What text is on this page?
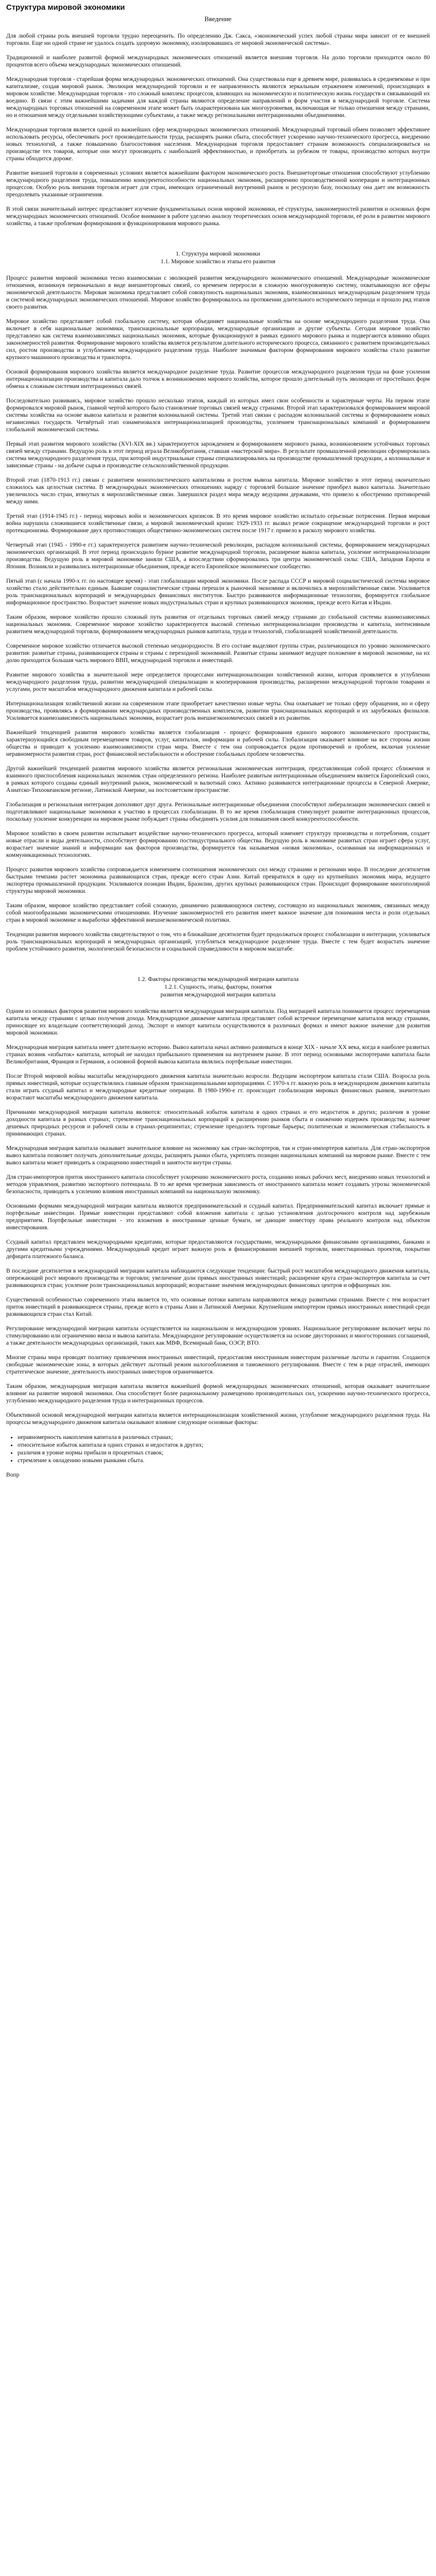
Структура мировой экономики
Введение

Для любой страны роль внешней торговли трудно переоценить. По определению Дж. Сакса, «экономический успех любой страны мира зависит от ее внешней торговли. Еще ни одной стране не удалось создать здоровую экономику, изолировавшись от мировой экономической системы».

Традиционной и наиболее развитой формой международных экономических отношений является внешняя торговля. На долю торговли приходится около 80 процентов всего объема международных экономических отношений.

Международная торговля - старейшая форма международных экономических отношений. Она существовала еще в древнем мире, развивалась в средневековье и при капитализме, создав мировой рынок. Эволюция международной торговли и ее направленность являются зеркальным отражением изменений, происходящих в мировом хозяйстве. Международная торговля - это сложный комплекс процессов, влияющих на экономическую и политическую жизнь государств и связывающий их воедино. В связи с этим важнейшими задачами для каждой страны являются определение направлений и форм участия в международной торговле. Система международных торговых отношений на современном этапе может быть охарактеризована как многоуровневая, включающая не только отношения между странами, но и отношения между отдельными хозяйствующими субъектами, а также между региональными интеграционными объединениями.

Международная торговля является одной из важнейших сфер международных экономических отношений. Международный торговый обмен позволяет эффективнее использовать ресурсы, обеспечивать рост производительности труда, расширять рынки сбыта, способствует ускорению научно-технического прогресса, внедрению новых технологий, а также повышению благосостояния населения. Международная торговля предоставляет странам возможность специализироваться на производстве тех товаров, которые они могут производить с наибольшей эффективностью, и приобретать за рубежом те товары, производство которых внутри страны обходится дороже.

Развитие внешней торговли в современных условиях является важнейшим фактором экономического роста. Внешнеторговые отношения способствуют углублению международного разделения труда, повышению конкурентоспособности национальных экономик, расширению производственной кооперации и интеграционных процессов. Особую роль внешняя торговля играет для стран, имеющих ограниченный внутренний рынок и ресурсную базу, поскольку она дает им возможность преодолевать указанные ограничения.

В этой связи значительный интерес представляет изучение фундаментальных основ мировой экономики, её структуры, закономерностей развития и основных форм международных экономических отношений. Особое внимание в работе уделено анализу теоретических основ международной торговли, её роли в развитии мирового хозяйства, а также проблемам формирования и функционирования мирового рынка.

1. Структура мировой экономики

1.1. Мировое хозяйство и этапы его развития

Процесс развития мировой экономики тесно взаимосвязан с эволюцией развития международного экономического отношений. Международные экономические отношения, возникнув первоначально в виде внешнеторговых связей, со временем переросли в сложную многоуровневую систему, охватывающую все сферы экономической деятельности. Мировая экономика представляет собой совокупность национальных экономик, взаимосвязанных международным разделением труда и системой международных экономических отношений. Мировое хозяйство формировалось на протяжении длительного исторического периода и прошло ряд этапов своего развития.

Мировое хозяйство представляет собой глобальную систему, которая объединяет национальные хозяйства на основе международного разделения труда. Она включает в себя национальные экономики, транснациональные корпорации, международные организации и другие субъекты. Сегодня мировое хозяйство представлено как система взаимозависимых национальных экономик, которые функционируют в рамках единого мирового рынка и подвергаются влиянию общих закономерностей развития. Формирование мирового хозяйства является результатом длительного исторического процесса, связанного с развитием производительных сил, ростом производства и углублением международного разделения труда. Наиболее значимым фактором формирования мирового хозяйства стало развитие крупного машинного производства и транспорта.

Основой формирования мирового хозяйства является международное разделение труда. Развитие процессов международного разделения труда на фоне усиления интернационализации производства и капитала дало толчок к возникновению мирового хозяйства, которое прошло длительный путь эволюции от простейших форм обмена к сложным системам интеграционных связей.

Последовательно развиваясь, мировое хозяйство прошло несколько этапов, каждый из которых имел свои особенности и характерные черты. На первом этапе формировался мировой рынок, главной чертой которого было становление торговых связей между странами. Второй этап характеризовался формированием мировой системы хозяйства на основе вывоза капитала и развития колониальной системы. Третий этап связан с распадом колониальной системы и формированием новых независимых государств. Четвёртый этап ознаменовался интернационализацией производства, усилением транснациональных компаний и формированием глобальной экономической системы.

Первый этап развития мирового хозяйства (XVI-XIX вв.) характеризуется зарождением и формированием мирового рынка, возникновением устойчивых торговых связей между странами. Ведущую роль в этот период играла Великобритания, ставшая «мастерской мира». В результате промышленной революции сформировалась система международного разделения труда, при которой индустриальные страны специализировались на производстве промышленной продукции, а колониальные и зависимые страны - на добыче сырья и производстве сельскохозяйственной продукции.

Второй этап (1870-1913 гг.) связан с развитием монополистического капитализма и ростом вывоза капитала. Мировое хозяйство в этот период окончательно сложилось как целостная система. В международных экономических отношениях наряду с торговлей большое значение приобрел вывоз капитала. Значительно увеличилось число стран, втянутых в мирохозяйственные связи. Завершился раздел мира между ведущими державами, что привело к обострению противоречий между ними.

Третий этап (1914-1945 гг.) - период мировых войн и экономических кризисов. В это время мировое хозяйство испытало серьезные потрясения. Первая мировая война нарушила сложившиеся хозяйственные связи, а мировой экономический кризис 1929-1933 гг. вызвал резкое сокращение международной торговли и рост протекционизма. Формирование двух противостоящих общественно-экономических систем после 1917 г. привело к расколу мирового хозяйства.

Четвертый этап (1945 - 1990-е гг.) характеризуется развитием научно-технической революции, распадом колониальной системы, формированием международных экономических организаций. В этот период происходило бурное развитие международной торговли, расширение вывоза капитала, усиление интернационализации производства. Ведущую роль в мировой экономике заняли США, а впоследствии сформировались три центра экономической силы: США, Западная Европа и Япония. Возникли и развивались интеграционные объединения, прежде всего Европейское экономическое сообщество.

Пятый этап (с начала 1990-х гг. по настоящее время) - этап глобализации мировой экономики. После распада СССР и мировой социалистической системы мировое хозяйство стало действительно единым. Бывшие социалистические страны перешли к рыночной экономике и включились в мирохозяйственные связи. Усиливается роль транснациональных корпораций и международных финансовых институтов. Быстро развиваются информационные технологии, формируется глобальное информационное пространство. Возрастает значение новых индустриальных стран и крупных развивающихся экономик, прежде всего Китая и Индии.

Таким образом, мировое хозяйство прошло сложный путь развития от отдельных торговых связей между странами до глобальной системы взаимозависимых национальных экономик. Современное мировое хозяйство характеризуется высокой степенью интернационализации производства и капитала, интенсивным развитием международной торговли, формированием международных рынков капитала, труда и технологий, глобализацией хозяйственной деятельности.

Современное мировое хозяйство отличается высокой степенью неоднородности. В его составе выделяют группы стран, различающихся по уровню экономического развития: развитые страны, развивающиеся страны и страны с переходной экономикой. Развитые страны занимают ведущее положение в мировой экономике, на их долю приходится большая часть мирового ВВП, международной торговли и инвестиций.

Развитие мирового хозяйства в значительной мере определяется процессами интернационализации хозяйственной жизни, которая проявляется в углублении международного разделения труда, развитии международной специализации и кооперирования производства, расширении международной торговли товарами и услугами, росте масштабов международного движения капитала и рабочей силы.

Интернационализация хозяйственной жизни на современном этапе приобретает качественно новые черты. Она охватывает не только сферу обращения, но и сферу производства, проявляясь в формировании международных производственных комплексов, развитии транснациональных корпораций и их зарубежных филиалов. Усиливается взаимозависимость национальных экономик, возрастает роль внешнеэкономических связей в их развитии.

Важнейшей тенденцией развития мирового хозяйства является глобализация - процесс формирования единого мирового экономического пространства, характеризующийся свободным перемещением товаров, услуг, капиталов, информации и рабочей силы. Глобализация оказывает влияние на все стороны жизни общества и приводит к усилению взаимозависимости стран мира. Вместе с тем она сопровождается рядом противоречий и проблем, включая усиление неравномерности развития стран, рост финансовой нестабильности и обострение глобальных проблем человечества.

Другой важнейшей тенденцией развития мирового хозяйства является региональная экономическая интеграция, представляющая собой процесс сближения и взаимного приспособления национальных экономик стран определенного региона. Наиболее развитым интеграционным объединением является Европейский союз, в рамках которого созданы единый внутренний рынок, экономический и валютный союз. Активно развиваются интеграционные процессы в Северной Америке, Азиатско-Тихоокеанском регионе, Латинской Америке, на постсоветском пространстве.

Глобализация и региональная интеграция дополняют друг друга. Региональные интеграционные объединения способствуют либерализации экономических связей и подготавливают национальные экономики к участию в процессах глобализации. В то же время глобализация стимулирует развитие интеграционных процессов, поскольку усиление конкуренции на мировом рынке побуждает страны объединять усилия для повышения своей конкурентоспособности.

Мировое хозяйство в своем развитии испытывает воздействие научно-технического прогресса, который изменяет структуру производства и потребления, создает новые отрасли и виды деятельности, способствует формированию постиндустриального общества. Ведущую роль в экономике развитых стран играет сфера услуг, возрастает значение знаний и информации как факторов производства, формируется так называемая «новая экономика», основанная на информационных и коммуникационных технологиях.

Процесс развития мирового хозяйства сопровождается изменением соотношения экономических сил между странами и регионами мира. В последние десятилетия быстрыми темпами растет экономика развивающихся стран, прежде всего стран Азии. Китай превратился в одну из крупнейших экономик мира, ведущего экспортера промышленной продукции. Усиливаются позиции Индии, Бразилии, других крупных развивающихся стран. Происходит формирование многополярной структуры мировой экономики.

Таким образом, мировое хозяйство представляет собой сложную, динамично развивающуюся систему, состоящую из национальных экономик, связанных между собой многообразными экономическими отношениями. Изучение закономерностей его развития имеет важное значение для понимания места и роли отдельных стран в мировой экономике и выработки эффективной внешнеэкономической политики.

Тенденции развития мирового хозяйства свидетельствуют о том, что в ближайшие десятилетия будет продолжаться процесс глобализации и интеграции, усиливаться роль транснациональных корпораций и международных организаций, углубляться международное разделение труда. Вместе с тем будет возрастать значение проблем устойчивого развития, экологической безопасности и социальной справедливости в мировом масштабе.

1.2. Факторы производства международной миграции капитала

1.2.1. Сущность, этапы, факторы, понятия

развития международной миграции капитала

Одним из основных факторов развития мирового хозяйства является международная миграция капитала. Под миграцией капитала понимается процесс перемещения капитала между странами с целью получения дохода. Международное движение капитала представляет собой встречное перемещение капиталов между странами, приносящее их владельцам соответствующий доход. Экспорт и импорт капитала осуществляются в различных формах и имеют важное значение для развития мировой экономики.

Международная миграция капитала имеет длительную историю. Вывоз капитала начал активно развиваться в конце XIX - начале XX века, когда в наиболее развитых странах возник «избыток» капитала, который не находил прибыльного применения на внутреннем рынке. В этот период основными экспортерами капитала были Великобритания, Франция и Германия, а основной формой вывоза капитала являлись портфельные инвестиции.

После Второй мировой войны масштабы международного движения капитала значительно возросли. Ведущим экспортером капитала стали США. Возросла роль прямых инвестиций, которые осуществлялись главным образом транснациональными корпорациями. С 1970-х гг. важную роль в международном движении капитала стали играть ссудный капитал и международные кредитные операции. В 1980-1990-е гг. происходит глобализация мировых финансовых рынков, значительно возрастают масштабы международного движения капитала.

Причинами международной миграции капитала являются: относительный избыток капитала в одних странах и его недостаток в других; различия в уровне доходности капитала в разных странах; стремление транснациональных корпораций к расширению рынков сбыта и снижению издержек производства; наличие дешевых природных ресурсов и рабочей силы в странах-реципиентах; стремление преодолеть торговые барьеры; политическая и экономическая стабильность в принимающих странах.

Международная миграция капитала оказывает значительное влияние на экономику как стран-экспортеров, так и стран-импортеров капитала. Для стран-экспортеров вывоз капитала позволяет получать дополнительные доходы, расширять рынки сбыта, укреплять позиции национальных компаний на мировом рынке. Вместе с тем вывоз капитала может приводить к сокращению инвестиций и занятости внутри страны.

Для стран-импортеров приток иностранного капитала способствует ускорению экономического роста, созданию новых рабочих мест, внедрению новых технологий и методов управления, развитию экспортного потенциала. В то же время чрезмерная зависимость от иностранного капитала может создавать угрозы экономической безопасности, приводить к усилению влияния иностранных компаний на национальную экономику.

Основными формами международной миграции капитала являются предпринимательский и ссудный капитал. Предпринимательский капитал включает прямые и портфельные инвестиции. Прямые инвестиции представляют собой вложения капитала с целью установления долгосрочного контроля над зарубежным предприятием. Портфельные инвестиции - это вложения в иностранные ценные бумаги, не дающие инвестору права реального контроля над объектом инвестирования.

Ссудный капитал представлен международными кредитами, которые предоставляются государствами, международными финансовыми организациями, банками и другими кредитными учреждениями. Международный кредит играет важную роль в финансировании внешней торговли, инвестиционных проектов, покрытии дефицита платежного баланса.

В последние десятилетия в международной миграции капитала наблюдаются следующие тенденции: быстрый рост масштабов международного движения капитала, опережающий рост мирового производства и торговли; увеличение доли прямых иностранных инвестиций; расширение круга стран-экспортеров капитала за счет развивающихся стран; усиление роли транснациональных корпораций; возрастание значения международных финансовых центров и оффшорных зон.

Существенной особенностью современного этапа является то, что основные потоки капитала направляются между развитыми странами. Вместе с тем возрастает приток инвестиций в развивающиеся страны, прежде всего в страны Азии и Латинской Америки. Крупнейшим импортером прямых иностранных инвестиций среди развивающихся стран стал Китай.

Регулирование международной миграции капитала осуществляется на национальном и международном уровнях. Национальное регулирование включает меры по стимулированию или ограничению ввоза и вывоза капитала. Международное регулирование осуществляется на основе двусторонних и многосторонних соглашений, а также деятельности международных организаций, таких как МВФ, Всемирный банк, ОЭСР, ВТО.

Многие страны мира проводят политику привлечения иностранных инвестиций, предоставляя иностранным инвесторам различные льготы и гарантии. Создаются свободные экономические зоны, в которых действует льготный режим налогообложения и таможенного регулирования. Вместе с тем в ряде отраслей, имеющих стратегическое значение, деятельность иностранных инвесторов ограничивается.

Таким образом, международная миграция капитала является важнейшей формой международных экономических отношений, которая оказывает значительное влияние на развитие мировой экономики. Она способствует более рациональному размещению производительных сил, ускорению научно-технического прогресса, углублению международного разделения труда и интеграционных процессов.

Объективной основой международной миграции капитала является интернационализация хозяйственной жизни, углубление международного разделения труда. На процессы международного движения капитала оказывают влияние следующие основные факторы:

• неравномерность накопления капитала в различных странах;
• относительное избыток капитала в одних странах и недостаток в других;
• различия в уровне нормы прибыли и процентных ставок;
• стремление к овладению новыми рынками сбыта.
Вопр
